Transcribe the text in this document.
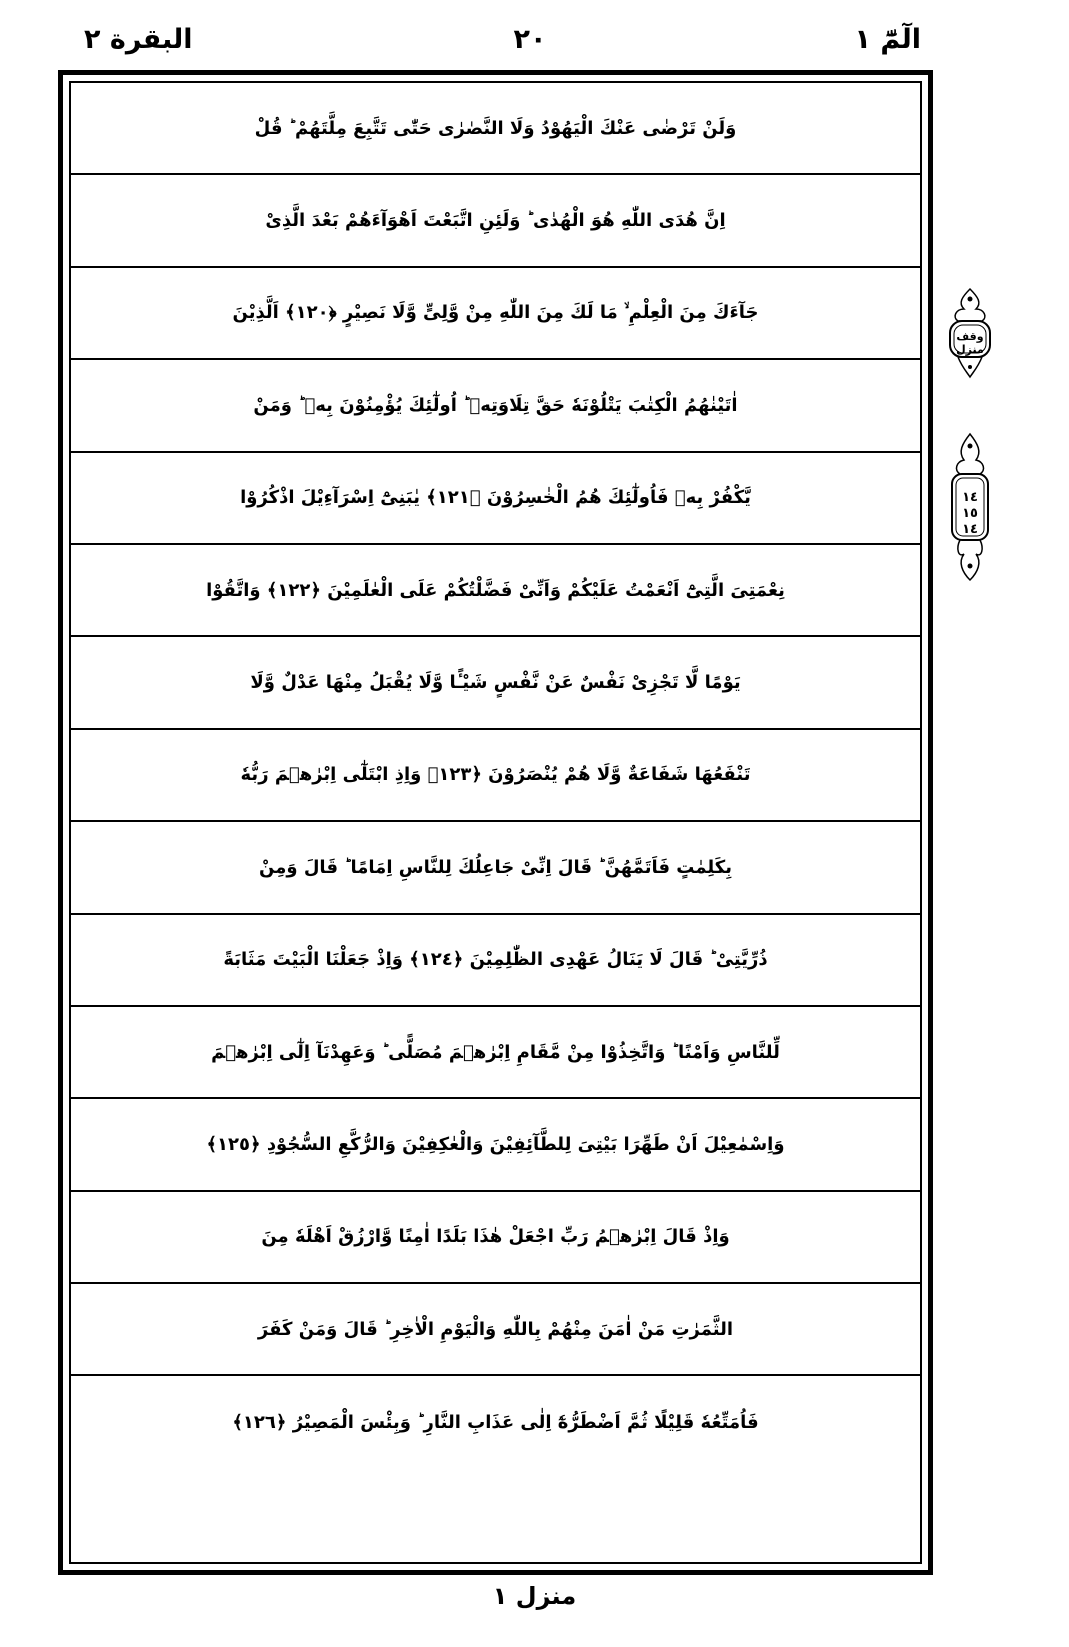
البقرة ٢	٢٠	الٓمّٓ ١
وَلَنْ تَرْضٰى عَنْكَ الْيَهُوْدُ وَلَا النَّصٰرٰى حَتّٰى تَتَّبِعَ مِلَّتَهُمْ ؕ قُلْ
اِنَّ هُدَى اللّٰهِ هُوَ الْهُدٰى ؕ وَلَئِنِ اتَّبَعْتَ اَهْوَآءَهُمْ بَعْدَ الَّذِىْ
جَآءَكَ مِنَ الْعِلْمِ ۙ مَا لَكَ مِنَ اللّٰهِ مِنْ وَّلِىٍّ وَّلَا نَصِيْرٍ ﴿١٢٠﴾ اَلَّذِيْنَ
اٰتَيْنٰهُمُ الْكِتٰبَ يَتْلُوْنَهٗ حَقَّ تِلَاوَتِهٖ ؕ اُولٰٓئِكَ يُؤْمِنُوْنَ بِهٖ ؕ وَمَنْ
يَّكْفُرْ بِهٖ فَاُولٰٓئِكَ هُمُ الْخٰسِرُوْنَ ﴿١٢١﴾ يٰبَنِىْٓ اِسْرَآءِيْلَ اذْكُرُوْا
نِعْمَتِىَ الَّتِىْٓ اَنْعَمْتُ عَلَيْكُمْ وَاَنِّىْ فَضَّلْتُكُمْ عَلَى الْعٰلَمِيْنَ ﴿١٢٢﴾ وَاتَّقُوْا
يَوْمًا لَّا تَجْزِىْ نَفْسٌ عَنْ نَّفْسٍ شَيْـًٔا وَّلَا يُقْبَلُ مِنْهَا عَدْلٌ وَّلَا
تَنْفَعُهَا شَفَاعَةٌ وَّلَا هُمْ يُنْصَرُوْنَ ﴿١٢٣﴾ وَاِذِ ابْتَلٰٓى اِبْرٰهٖمَ رَبُّهٗ
بِكَلِمٰتٍ فَاَتَمَّهُنَّ ؕ قَالَ اِنِّىْ جَاعِلُكَ لِلنَّاسِ اِمَامًا ؕ قَالَ وَمِنْ
ذُرِّيَّتِىْ ؕ قَالَ لَا يَنَالُ عَهْدِى الظّٰلِمِيْنَ ﴿١٢٤﴾ وَاِذْ جَعَلْنَا الْبَيْتَ مَثَابَةً
لِّلنَّاسِ وَاَمْنًا ؕ وَاتَّخِذُوْا مِنْ مَّقَامِ اِبْرٰهٖمَ مُصَلًّى ؕ وَعَهِدْنَآ اِلٰٓى اِبْرٰهٖمَ
وَاِسْمٰعِيْلَ اَنْ طَهِّرَا بَيْتِىَ لِلطَّآئِفِيْنَ وَالْعٰكِفِيْنَ وَالرُّكَّعِ السُّجُوْدِ ﴿١٢٥﴾
وَاِذْ قَالَ اِبْرٰهٖمُ رَبِّ اجْعَلْ هٰذَا بَلَدًا اٰمِنًا وَّارْزُقْ اَهْلَهٗ مِنَ
الثَّمَرٰتِ مَنْ اٰمَنَ مِنْهُمْ بِاللّٰهِ وَالْيَوْمِ الْاٰخِرِ ؕ قَالَ وَمَنْ كَفَرَ
فَاُمَتِّعُهٗ قَلِيْلًا ثُمَّ اَضْطَرُّهٗٓ اِلٰى عَذَابِ النَّارِ ؕ وَبِئْسَ الْمَصِيْرُ ﴿١٢٦﴾
وقف منزل
١٤ ١٥ ١٤
منزل ١
